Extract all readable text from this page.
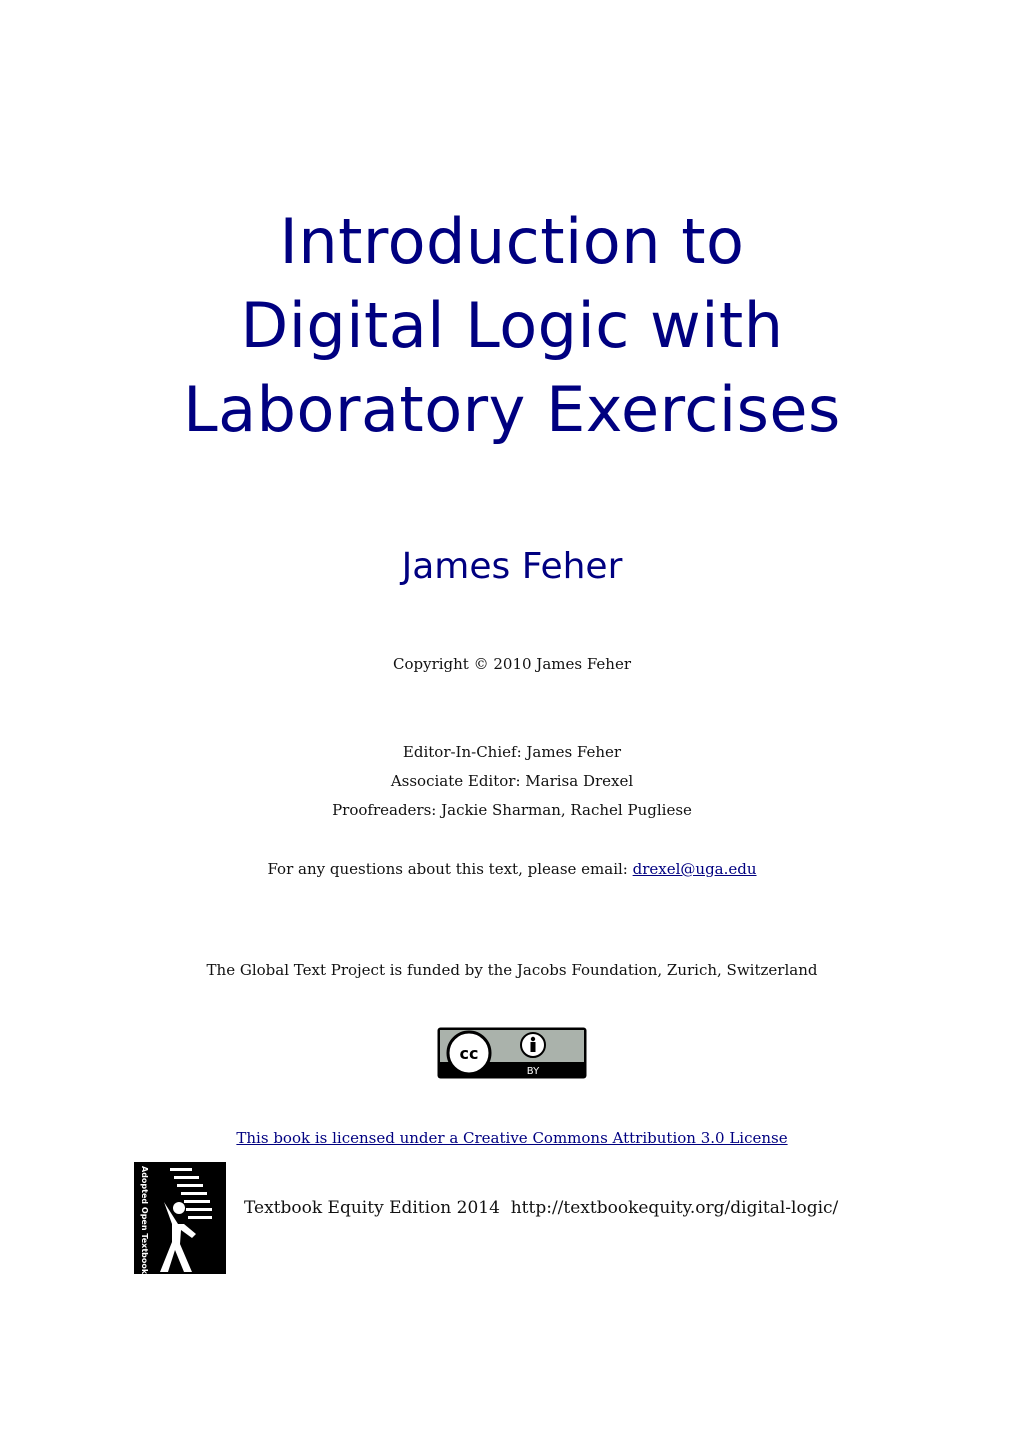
Introduction to
Digital Logic with
Laboratory Exercises
James Feher
Copyright © 2010 James Feher
Editor-In-Chief: James Feher
Associate Editor: Marisa Drexel
Proofreaders: Jackie Sharman, Rachel Pugliese
For any questions about this text, please email: drexel@uga.edu
The Global Text Project is funded by the Jacobs Foundation, Zurich, Switzerland
cc
BY
This book is licensed under a Creative Commons Attribution 3.0 License
Adopted Open Textbooks	Textbook Equity Edition 2014 http://textbookequity.org/digital-logic/
